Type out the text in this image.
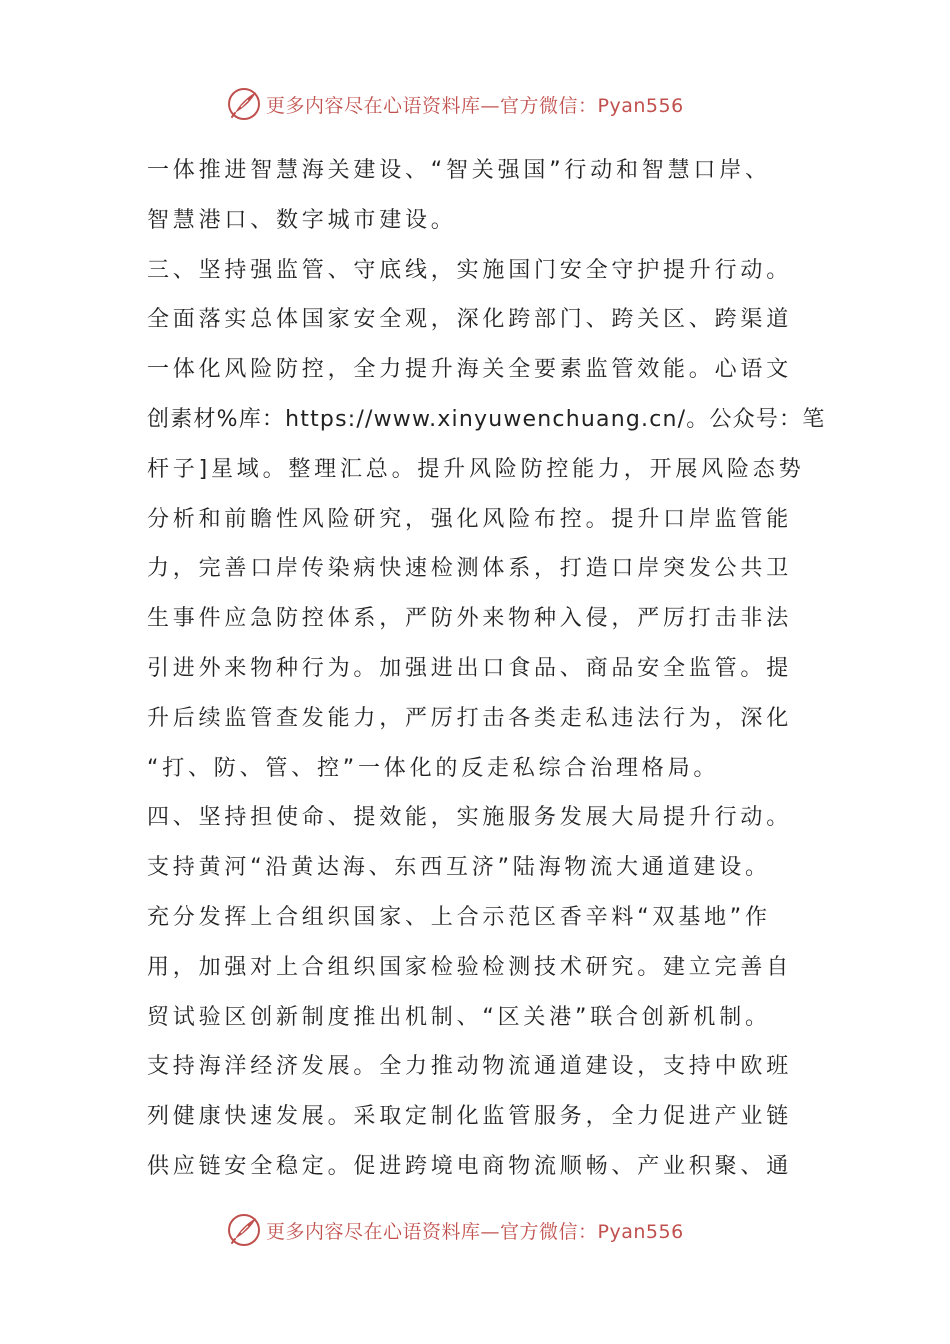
更多内容尽在心语资料库—官方微信：Pyan556
一体推进智慧海关建设、“智关强国”行动和智慧口岸、
智慧港口、数字城市建设。
三、坚持强监管、守底线，实施国门安全守护提升行动。
全面落实总体国家安全观，深化跨部门、跨关区、跨渠道
一体化风险防控，全力提升海关全要素监管效能。心语文
创素材%库：https://www.xinyuwenchuang.cn/。公众号：笔
杆子]星域。整理汇总。提升风险防控能力，开展风险态势
分析和前瞻性风险研究，强化风险布控。提升口岸监管能
力，完善口岸传染病快速检测体系，打造口岸突发公共卫
生事件应急防控体系，严防外来物种入侵，严厉打击非法
引进外来物种行为。加强进出口食品、商品安全监管。提
升后续监管查发能力，严厉打击各类走私违法行为，深化
“打、防、管、控”一体化的反走私综合治理格局。
四、坚持担使命、提效能，实施服务发展大局提升行动。
支持黄河“沿黄达海、东西互济”陆海物流大通道建设。
充分发挥上合组织国家、上合示范区香辛料“双基地”作
用，加强对上合组织国家检验检测技术研究。建立完善自
贸试验区创新制度推出机制、“区关港”联合创新机制。
支持海洋经济发展。全力推动物流通道建设，支持中欧班
列健康快速发展。采取定制化监管服务，全力促进产业链
供应链安全稳定。促进跨境电商物流顺畅、产业积聚、通
更多内容尽在心语资料库—官方微信：Pyan556
